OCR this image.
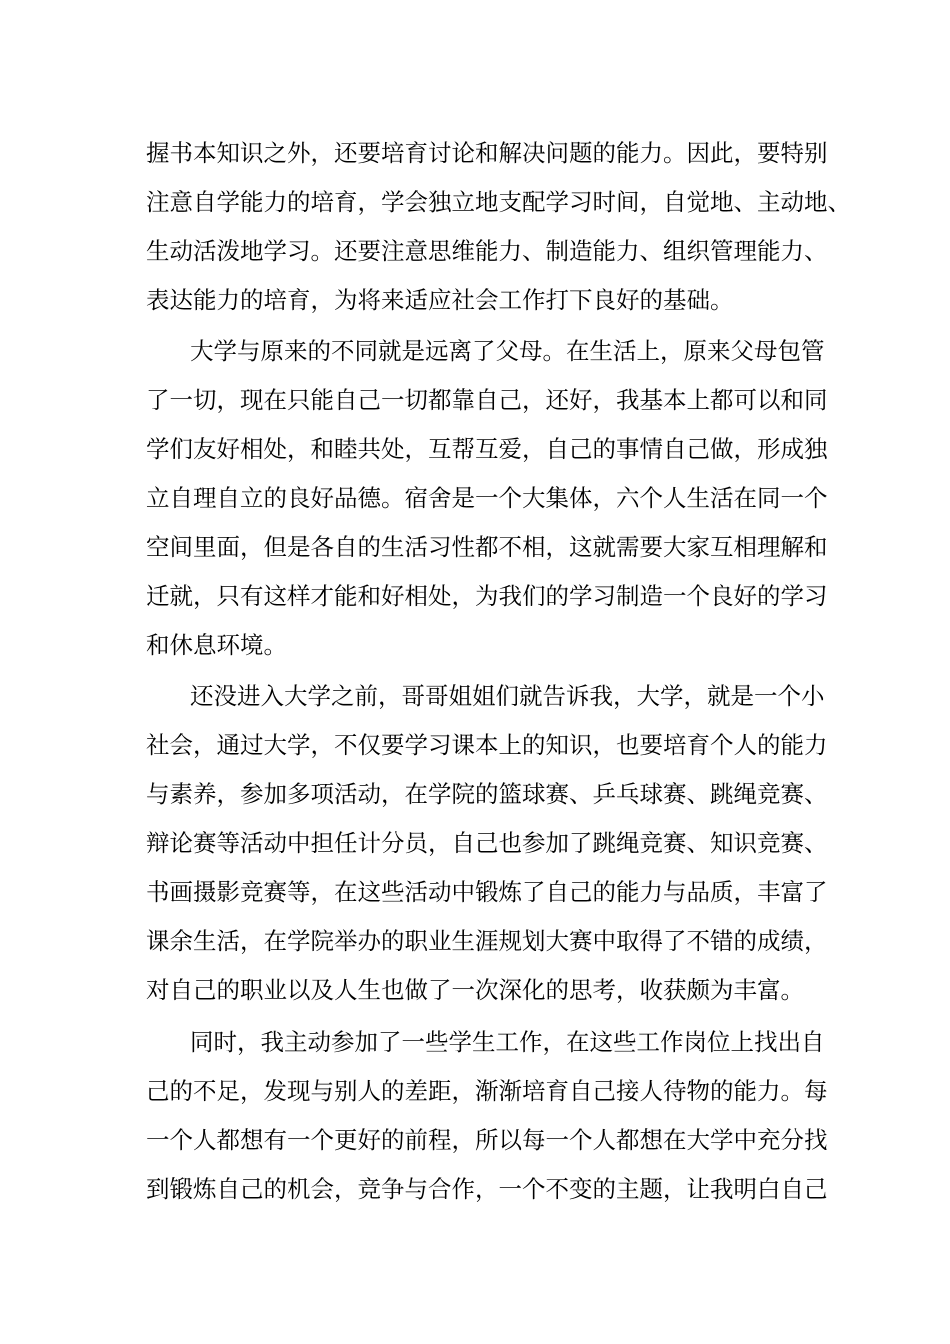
握书本知识之外，还要培育讨论和解决问题的能力。因此，要特别
注意自学能力的培育，学会独立地支配学习时间，自觉地、主动地、
生动活泼地学习。还要注意思维能力、制造能力、组织管理能力、
表达能力的培育，为将来适应社会工作打下良好的基础。
大学与原来的不同就是远离了父母。在生活上，原来父母包管
了一切，现在只能自己一切都靠自己，还好，我基本上都可以和同
学们友好相处，和睦共处，互帮互爱，自己的事情自己做，形成独
立自理自立的良好品德。宿舍是一个大集体，六个人生活在同一个
空间里面，但是各自的生活习性都不相，这就需要大家互相理解和
迁就，只有这样才能和好相处，为我们的学习制造一个良好的学习
和休息环境。
还没进入大学之前，哥哥姐姐们就告诉我，大学，就是一个小
社会，通过大学，不仅要学习课本上的知识，也要培育个人的能力
与素养，参加多项活动，在学院的篮球赛、乒乓球赛、跳绳竞赛、
辩论赛等活动中担任计分员，自己也参加了跳绳竞赛、知识竞赛、
书画摄影竞赛等，在这些活动中锻炼了自己的能力与品质，丰富了
课余生活，在学院举办的职业生涯规划大赛中取得了不错的成绩，
对自己的职业以及人生也做了一次深化的思考，收获颇为丰富。
同时，我主动参加了一些学生工作，在这些工作岗位上找出自
己的不足，发现与别人的差距，渐渐培育自己接人待物的能力。每
一个人都想有一个更好的前程，所以每一个人都想在大学中充分找
到锻炼自己的机会，竞争与合作，一个不变的主题，让我明白自己
